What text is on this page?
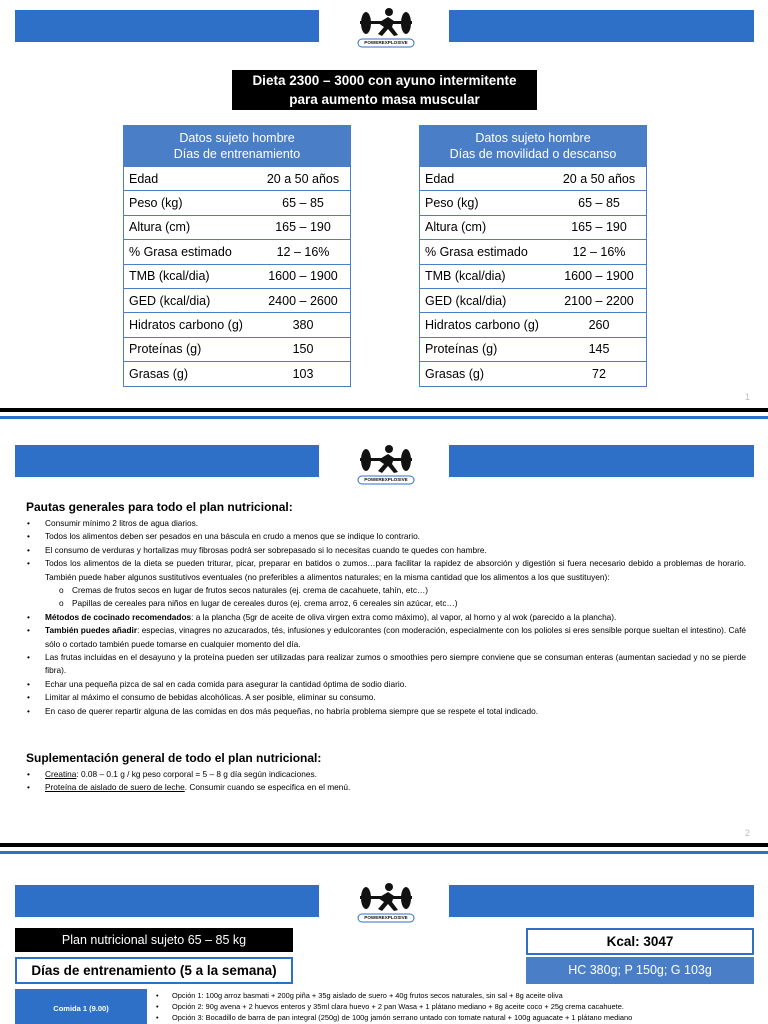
POWEREXPLOSIVE
Dieta 2300 – 3000 con ayuno intermitente
para aumento masa muscular
Datos sujeto hombre
Días de entrenamiento
Edad	20 a 50 años
Peso (kg)	65 – 85
Altura (cm)	165 – 190
% Grasa estimado	12 – 16%
TMB (kcal/dia)	1600 – 1900
GED (kcal/dia)	2400 – 2600
Hidratos carbono (g)	380
Proteínas (g)	150
Grasas (g)	103
Datos sujeto hombre
Días de movilidad o descanso
Edad	20 a 50 años
Peso (kg)	65 – 85
Altura (cm)	165 – 190
% Grasa estimado	12 – 16%
TMB (kcal/dia)	1600 – 1900
GED (kcal/dia)	2100 – 2200
Hidratos carbono (g)	260
Proteínas (g)	145
Grasas (g)	72
1
POWEREXPLOSIVE
Pautas generales para todo el plan nutricional:
• Consumir mínimo 2 litros de agua diarios.
• Todos los alimentos deben ser pesados en una báscula en crudo a menos que se indique lo contrario.
• El consumo de verduras y hortalizas muy fibrosas podrá ser sobrepasado si lo necesitas cuando te quedes con hambre.
• Todos los alimentos de la dieta se pueden triturar, picar, preparar en batidos o zumos…para facilitar la rapidez de absorción y digestión si fuera necesario debido a problemas de horario. También puede haber algunos sustitutivos eventuales (no preferibles a alimentos naturales; en la misma cantidad que los alimentos a los que sustituyen):
o Cremas de frutos secos en lugar de frutos secos naturales (ej. crema de cacahuete, tahín, etc…)
o Papillas de cereales para niños en lugar de cereales duros (ej. crema arroz, 6 cereales sin azúcar, etc…)
• Métodos de cocinado recomendados: a la plancha (5gr de aceite de oliva virgen extra como máximo), al vapor, al horno y al wok (parecido a la plancha).
• También puedes añadir: especias, vinagres no azucarados, tés, infusiones y edulcorantes (con moderación, especialmente con los polioles si eres sensible porque sueltan el intestino). Café sólo o cortado también puede tomarse en cualquier momento del día.
• Las frutas incluidas en el desayuno y la proteína pueden ser utilizadas para realizar zumos o smoothies pero siempre conviene que se consuman enteras (aumentan saciedad y no se pierde fibra).
• Echar una pequeña pizca de sal en cada comida para asegurar la cantidad óptima de sodio diario.
• Limitar al máximo el consumo de bebidas alcohólicas. A ser posible, eliminar su consumo.
• En caso de querer repartir alguna de las comidas en dos más pequeñas, no habría problema siempre que se respete el total indicado.
Suplementación general de todo el plan nutricional:
• Creatina: 0.08 – 0.1 g / kg peso corporal = 5 – 8 g día según indicaciones.
• Proteína de aislado de suero de leche. Consumir cuando se especifica en el menú.
2
POWEREXPLOSIVE
Plan nutricional sujeto 65 – 85 kg
Días de entrenamiento (5 a la semana)
Kcal: 3047
HC 380g; P 150g; G 103g
Comida 1 (9.00)
• Opción 1: 100g arroz basmati + 200g piña + 35g aislado de suero + 40g frutos secos naturales, sin sal + 8g aceite oliva
• Opción 2: 90g avena + 2 huevos enteros y 35ml clara huevo + 2 pan Wasa + 1 plátano mediano + 8g aceite coco + 25g crema cacahuete.
• Opción 3: Bocadillo de barra de pan integral (250g) de 100g jamón serrano untado con tomate natural + 100g aguacate + 1 plátano mediano
